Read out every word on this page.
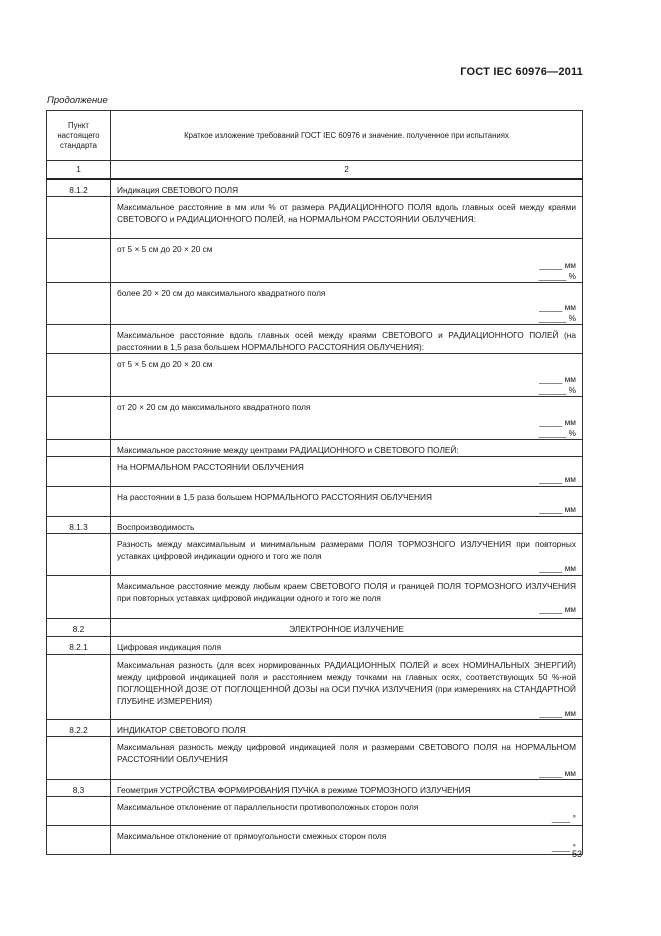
ГОСТ IEC 60976—2011
Продолжение
Пункт настоящего стандарта	Краткое изложение требований ГОСТ IEC 60976 и значение. полученное при испытаниях
1	2
8.1.2	Индикация СВЕТОВОГО ПОЛЯ
	Максимальное расстояние в мм или % от размера РАДИАЦИОННОГО ПОЛЯ вдоль главных осей между краями СВЕТОВОГО и РАДИАЦИОННОГО ПОЛЕЙ, на НОРМАЛЬНОМ РАССТОЯНИИ ОБЛУЧЕНИЯ:

	от 5 × 5 см до 20 × 20 см
_____ мм
______ %

	более 20 × 20 см до максимального квадратного поля
_____ мм
______ %

	Максимальное расстояние вдоль главных осей между краями СВЕТОВОГО и РАДИАЦИОННОГО ПОЛЕЙ (на расстоянии в 1,5 раза большем НОРМАЛЬНОГО РАССТОЯНИЯ ОБЛУЧЕНИЯ):

	от 5 × 5 см до 20 × 20 см
_____ мм
______ %

	от 20 × 20 см до максимального квадратного поля
_____ мм
______ %

	Максимальное расстояние между центрами РАДИАЦИОННОГО и СВЕТОВОГО ПОЛЕЙ:

	На НОРМАЛЬНОМ РАССТОЯНИИ ОБЛУЧЕНИЯ
_____ мм

	На расстоянии в 1,5 раза большем НОРМАЛЬНОГО РАССТОЯНИЯ ОБЛУЧЕНИЯ
_____ мм

8.1.3	Воспроизводимость

	Разность между максимальным и минимальным размерами ПОЛЯ ТОРМОЗНОГО ИЗЛУЧЕНИЯ при повторных уставках цифровой индикации одного и того же поля
_____ мм

	Максимальное расстояние между любым краем СВЕТОВОГО ПОЛЯ и границей ПОЛЯ ТОРМОЗНОГО ИЗЛУЧЕНИЯ при повторных уставках цифровой индикации одного и того же поля
_____ мм

8.2	ЭЛЕКТРОННОЕ ИЗЛУЧЕНИЕ
8.2.1	Цифровая индикация поля

	Максимальная разность (для всех нормированных РАДИАЦИОННЫХ ПОЛЕЙ и всех НОМИНАЛЬНЫХ ЭНЕРГИЙ) между цифровой индикацией поля и расстоянием между точками на главных осях, соответствующих 50 %-ной ПОГЛОЩЕННОЙ ДОЗЕ ОТ ПОГЛОЩЕННОЙ ДОЗЫ на ОСИ ПУЧКА ИЗЛУЧЕНИЯ (при измерениях на СТАНДАРТНОЙ ГЛУБИНЕ ИЗМЕРЕНИЯ)
_____ мм

8.2.2	ИНДИКАТОР СВЕТОВОГО ПОЛЯ

	Максимальная разность между цифровой индикацией поля и размерами СВЕТОВОГО ПОЛЯ на НОРМАЛЬНОМ РАССТОЯНИИ ОБЛУЧЕНИЯ
_____ мм

8.3	Геометрия УСТРОЙСТВА ФОРМИРОВАНИЯ ПУЧКА в режиме ТОРМОЗНОГО ИЗЛУЧЕНИЯ

	Максимальное отклонение от параллельности противоположных сторон поля
____ °

	Максимальное отклонение от прямоугольности смежных сторон поля
____ °
53
